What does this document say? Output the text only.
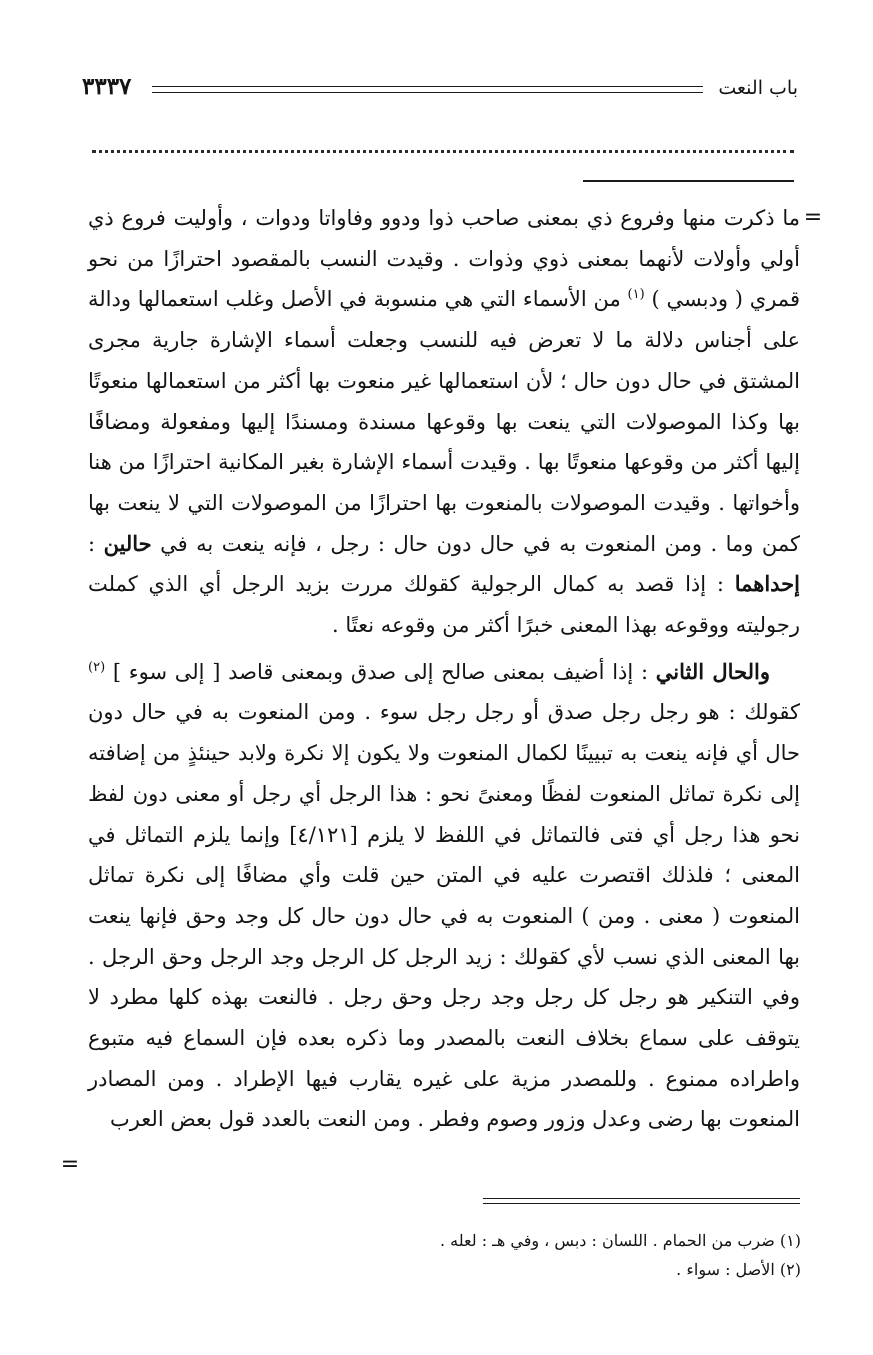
باب النعت
٣٣٣٧
=
=

ما ذكرت منها وفروع ذي بمعنى صاحب ذوا ودوو وفاواتا ودوات ، وأوليت فروع ذي أولي وأولات لأنهما بمعنى ذوي وذوات . وقيدت النسب بالمقصود احترازًا من نحو قمري ( ودبسي ) $^{(١)}$ من الأسماء التي هي منسوبة في الأصل وغلب استعمالها ودالة على أجناس دلالة ما لا تعرض فيه للنسب وجعلت أسماء الإشارة جارية مجرى المشتق في حال دون حال ؛ لأن استعمالها غير منعوت بها أكثر من استعمالها منعوتًا بها وكذا الموصولات التي ينعت بها وقوعها مسندة ومسندًا إليها ومفعولة ومضافًا إليها أكثر من وقوعها منعوتًا بها . وقيدت أسماء الإشارة بغير المكانية احترازًا من هنا وأخواتها . وقيدت الموصولات بالمنعوت بها احترازًا من الموصولات التي لا ينعت بها كمن وما . ومن المنعوت به في حال دون حال : رجل ، فإنه ينعت به في حالين : إحداهما : إذا قصد به كمال الرجولية كقولك مررت بزيد الرجل أي الذي كملت رجوليته ووقوعه بهذا المعنى خبرًا أكثر من وقوعه نعتًا .

والحال الثاني : إذا أضيف بمعنى صالح إلى صدق وبمعنى قاصد [ إلى سوء ] $^{(٢)}$ كقولك : هو رجل رجل صدق أو رجل رجل سوء . ومن المنعوت به في حال دون حال أي فإنه ينعت به تبيينًا لكمال المنعوت ولا يكون إلا نكرة ولابد حينئذٍ من إضافته إلى نكرة تماثل المنعوت لفظًا ومعنىً نحو : هذا الرجل أي رجل أو معنى دون لفظ نحو هذا رجل أي فتى فالتماثل في اللفظ لا يلزم [٤/١٢١] وإنما يلزم التماثل في المعنى ؛ فلذلك اقتصرت عليه في المتن حين قلت وأي مضافًا إلى نكرة تماثل المنعوت ( معنى . ومن ) المنعوت به في حال دون حال كل وجد وحق فإنها ينعت بها المعنى الذي نسب لأي كقولك : زيد الرجل كل الرجل وجد الرجل وحق الرجل . وفي التنكير هو رجل كل رجل وجد رجل وحق رجل . فالنعت بهذه كلها مطرد لا يتوقف على سماع بخلاف النعت بالمصدر وما ذكره بعده فإن السماع فيه متبوع واطراده ممنوع . وللمصدر مزية على غيره يقارب فيها الإطراد . ومن المصادر المنعوت بها رضى وعدل وزور وصوم وفطر . ومن النعت بالعدد قول بعض العرب

(١) ضرب من الحمام . اللسان : دبس ، وفي هـ : لعله .
(٢) الأصل : سواء .
